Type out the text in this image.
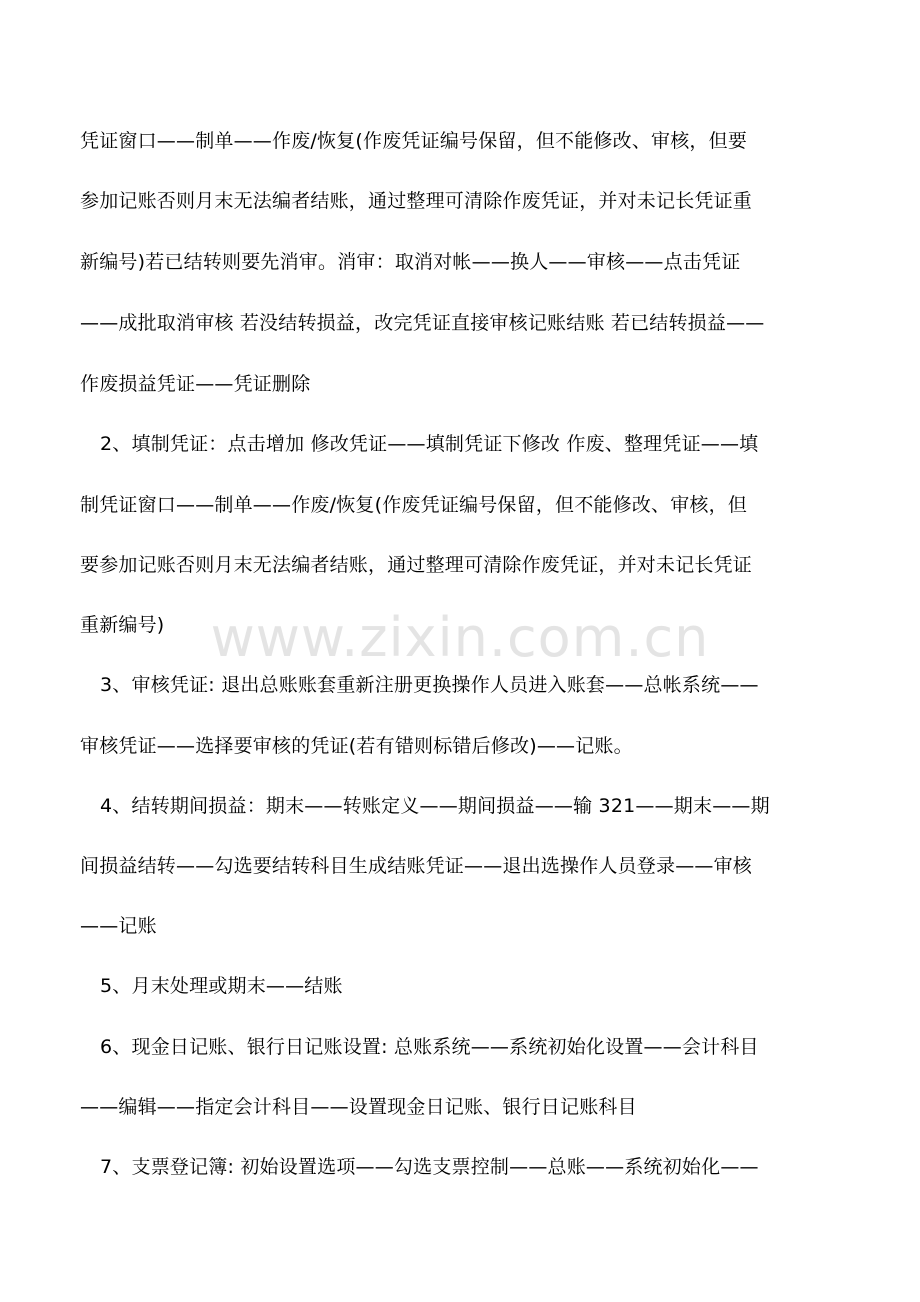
凭证窗口——制单——作废/恢复(作废凭证编号保留，但不能修改、审核，但要
参加记账否则月末无法编者结账，通过整理可清除作废凭证，并对未记长凭证重
新编号)若已结转则要先消审。消审：取消对帐——换人——审核——点击凭证
——成批取消审核 若没结转损益，改完凭证直接审核记账结账 若已结转损益——
作废损益凭证——凭证删除
2、填制凭证：点击增加 修改凭证——填制凭证下修改 作废、整理凭证——填
制凭证窗口——制单——作废/恢复(作废凭证编号保留，但不能修改、审核，但
要参加记账否则月末无法编者结账，通过整理可清除作废凭证，并对未记长凭证
重新编号)
3、审核凭证: 退出总账账套重新注册更换操作人员进入账套——总帐系统——
审核凭证——选择要审核的凭证(若有错则标错后修改)——记账。
4、结转期间损益：期末——转账定义——期间损益——输 321——期末——期
间损益结转——勾选要结转科目生成结账凭证——退出选操作人员登录——审核
——记账
5、月末处理或期末——结账
6、现金日记账、银行日记账设置: 总账系统——系统初始化设置——会计科目
——编辑——指定会计科目——设置现金日记账、银行日记账科目
7、支票登记簿: 初始设置选项——勾选支票控制——总账——系统初始化——
www.zixin.com.cn
